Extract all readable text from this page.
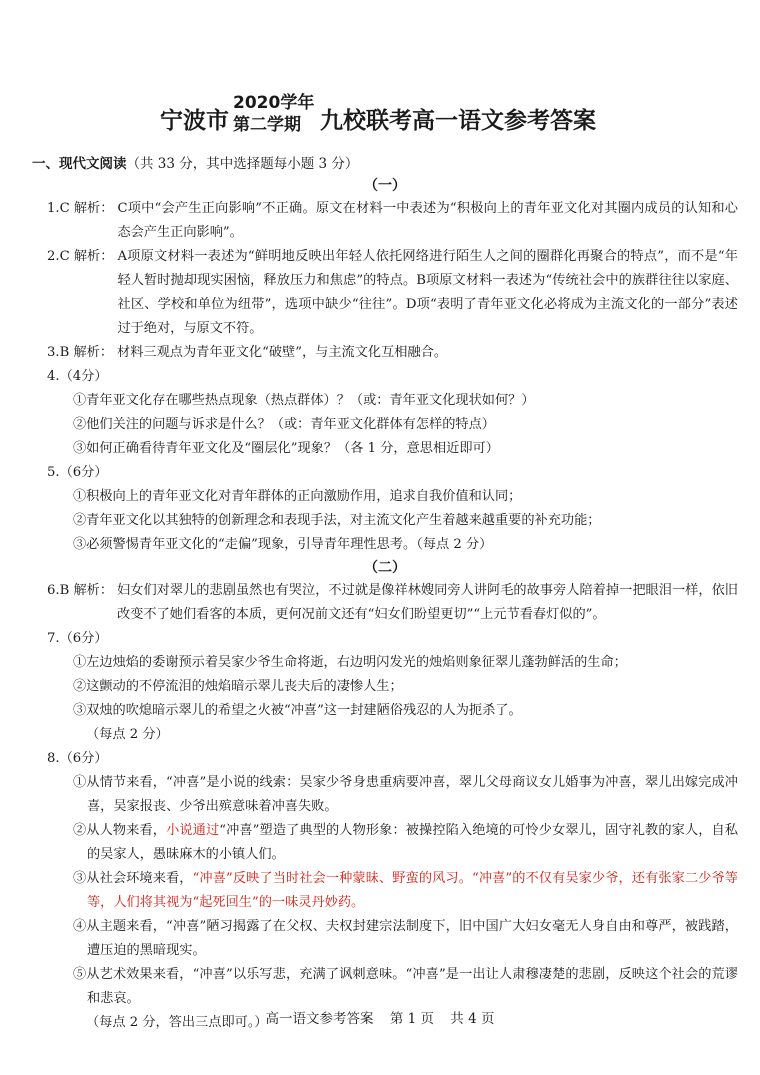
宁波市
2020学年
第二学期 九校联考高一语文参考答案
一、现代文阅读（共 33 分，其中选择题每小题 3 分）
（一）
1.C 解析： C项中“会产生正向影响”不正确。原文在材料一中表述为“积极向上的青年亚文化对其圈内成员的认知和心态会产生正向影响”。
2.C 解析： A项原文材料一表述为“鲜明地反映出年轻人依托网络进行陌生人之间的圈群化再聚合的特点”，而不是“年轻人暂时抛却现实困恼，释放压力和焦虑”的特点。B项原文材料一表述为“传统社会中的族群往往以家庭、社区、学校和单位为纽带”，选项中缺少“往往”。D项“表明了青年亚文化必将成为主流文化的一部分”表述过于绝对，与原文不符。
3.B 解析： 材料三观点为青年亚文化“破壁”，与主流文化互相融合。
4.（4分）
①青年亚文化存在哪些热点现象（热点群体）？（或：青年亚文化现状如何？）
②他们关注的问题与诉求是什么？（或：青年亚文化群体有怎样的特点）
③如何正确看待青年亚文化及“圈层化”现象？（各 1 分，意思相近即可）
5.（6分）
①积极向上的青年亚文化对青年群体的正向激励作用，追求自我价值和认同；
②青年亚文化以其独特的创新理念和表现手法，对主流文化产生着越来越重要的补充功能；
③必须警惕青年亚文化的“走偏”现象，引导青年理性思考。（每点 2 分）
（二）
6.B 解析： 妇女们对翠儿的悲剧虽然也有哭泣，不过就是像祥林嫂同旁人讲阿毛的故事旁人陪着掉一把眼泪一样，依旧改变不了她们看客的本质，更何况前文还有“妇女们盼望更切”“上元节看春灯似的”。
7.（6分）
①左边烛焰的委谢预示着吴家少爷生命将逝，右边明闪发光的烛焰则象征翠儿蓬勃鲜活的生命；
②这颤动的不停流泪的烛焰暗示翠儿丧夫后的凄惨人生；
③双烛的吹熄暗示翠儿的希望之火被“冲喜”这一封建陋俗残忍的人为扼杀了。
（每点 2 分）
8.（6分）
①从情节来看，“冲喜”是小说的线索：吴家少爷身患重病要冲喜，翠儿父母商议女儿婚事为冲喜，翠儿出嫁完成冲喜，吴家报丧、少爷出殡意味着冲喜失败。
②从人物来看，小说通过“冲喜”塑造了典型的人物形象：被操控陷入绝境的可怜少女翠儿，固守礼教的家人，自私的吴家人，愚昧麻木的小镇人们。
③从社会环境来看，“冲喜”反映了当时社会一种蒙昧、野蛮的风习。“冲喜”的不仅有吴家少爷，还有张家二少爷等等，人们将其视为“起死回生”的一味灵丹妙药。
④从主题来看，“冲喜”陋习揭露了在父权、夫权封建宗法制度下，旧中国广大妇女毫无人身自由和尊严，被践踏，遭压迫的黑暗现实。
⑤从艺术效果来看，“冲喜”以乐写悲，充满了讽刺意味。“冲喜”是一出让人肃穆凄楚的悲剧，反映这个社会的荒谬和悲哀。
（每点 2 分，答出三点即可。）
高一语文参考答案 第 1 页 共 4 页
